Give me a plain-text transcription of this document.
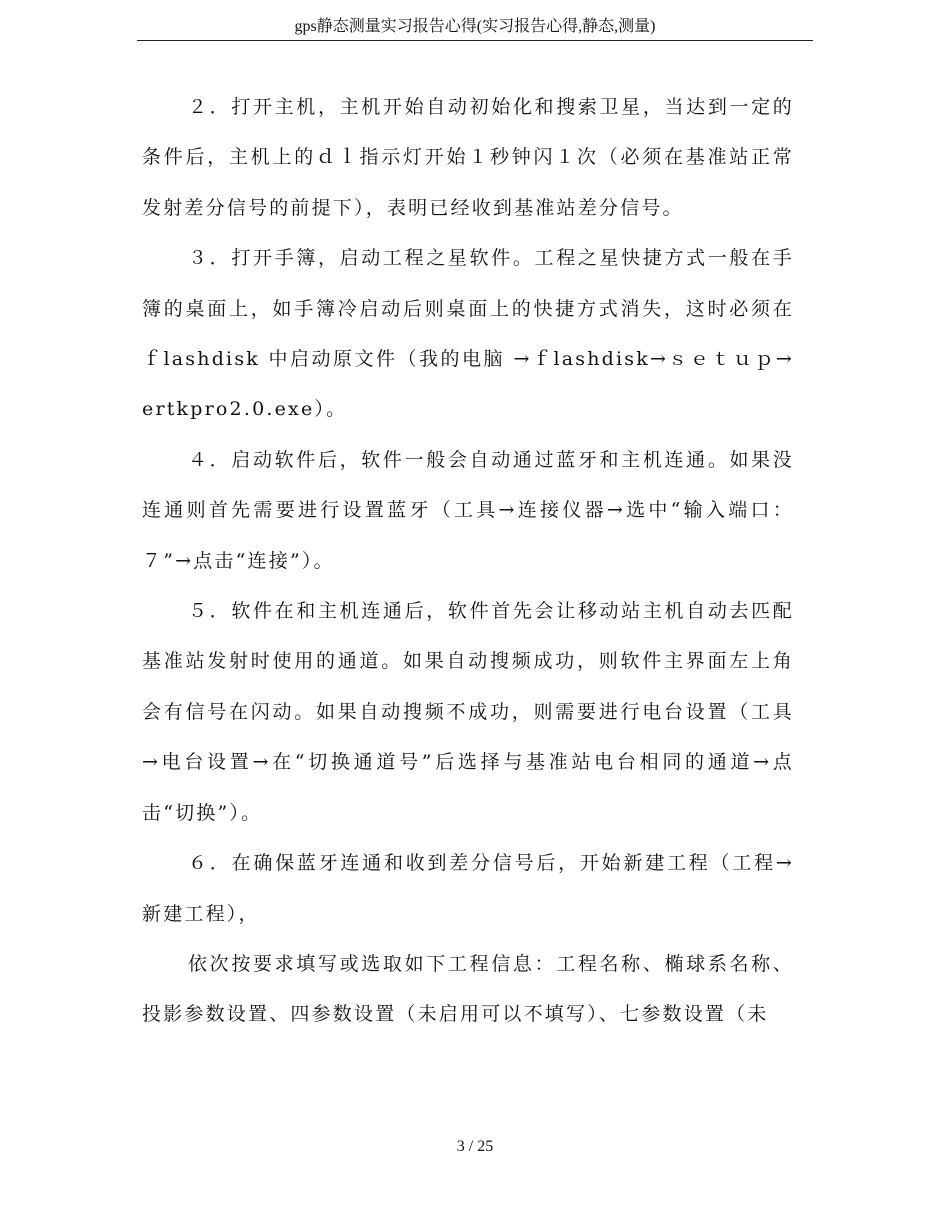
gps静态测量实习报告心得(实习报告心得,静态,测量)

２．打开主机，主机开始自动初始化和搜索卫星，当达到一定的条件后，主机上的ｄｌ指示灯开始１秒钟闪１次（必须在基准站正常发射差分信号的前提下），表明已经收到基准站差分信号。

３．打开手簿，启动工程之星软件。工程之星快捷方式一般在手簿的桌面上，如手簿冷启动后则桌面上的快捷方式消失，这时必须在ｆlashdisk 中启动原文件（我的电脑 →ｆlashdisk→ｓｅｔｕｐ→ertkpro2.0.exe）。

４．启动软件后，软件一般会自动通过蓝牙和主机连通。如果没连通则首先需要进行设置蓝牙（工具→连接仪器→选中“输入端口：７”→点击“连接”）。

５．软件在和主机连通后，软件首先会让移动站主机自动去匹配基准站发射时使用的通道。如果自动搜频成功，则软件主界面左上角会有信号在闪动。如果自动搜频不成功，则需要进行电台设置（工具→电台设置→在“切换通道号”后选择与基准站电台相同的通道→点击“切换”）。

６．在确保蓝牙连通和收到差分信号后，开始新建工程（工程→新建工程），

依次按要求填写或选取如下工程信息：工程名称、椭球系名称、投影参数设置、四参数设置（未启用可以不填写）、七参数设置（未

3 / 25
